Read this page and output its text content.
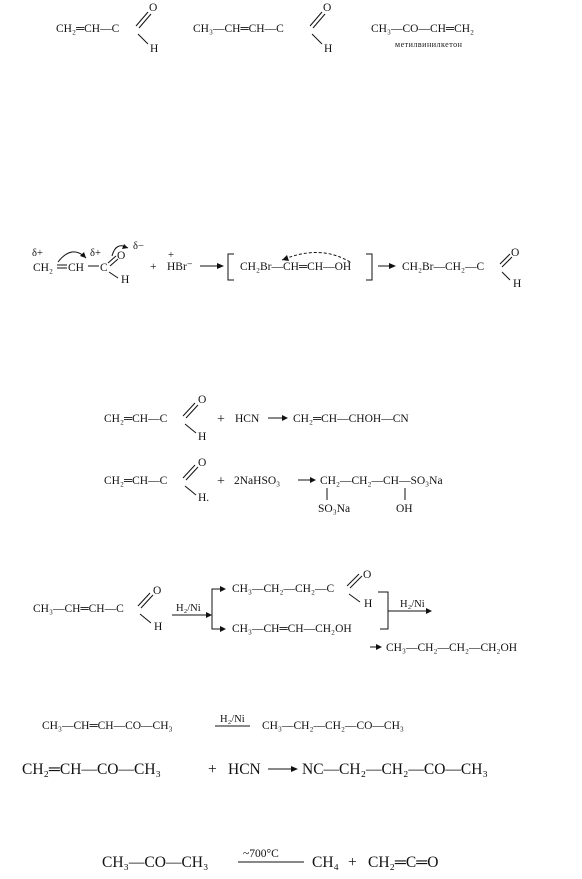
CH₂═CH—C
O
H
CH₃—CH═CH—C
O
H
CH₃—CO—CH═CH₂
метилвинилкетон
δ+	δ+
δ−
CH₂ CH C
O
H
+
+
HBr⁻	CH₂Br—CH═CH—OH	CH₂Br—CH₂—C
O
H
CH₂═CH—C
O
H
+ HCN	CH₂═CH—CHOH—CN
CH₂═CH—C
O
H.
+ 2NaHSO₃	CH₂—CH₂—CH—SO₃Na
SO₃Na	OH
CH₃—CH═CH—C
O
H
H₂/Ni
CH₃—CH₂—CH₂—C
O
H
CH₃—CH═CH—CH₂OH
H₂/Ni
CH₃—CH₂—CH₂—CH₂OH
CH₃—CH═CH—CO—CH₃
H₂/Ni
CH₃—CH₂—CH₂—CO—CH₃
CH₂═CH—CO—CH₃	+ HCN	NC—CH₂—CH₂—CO—CH₃
CH₃—CO—CH₃	~700°C CH₄ + CH₂═C═O
